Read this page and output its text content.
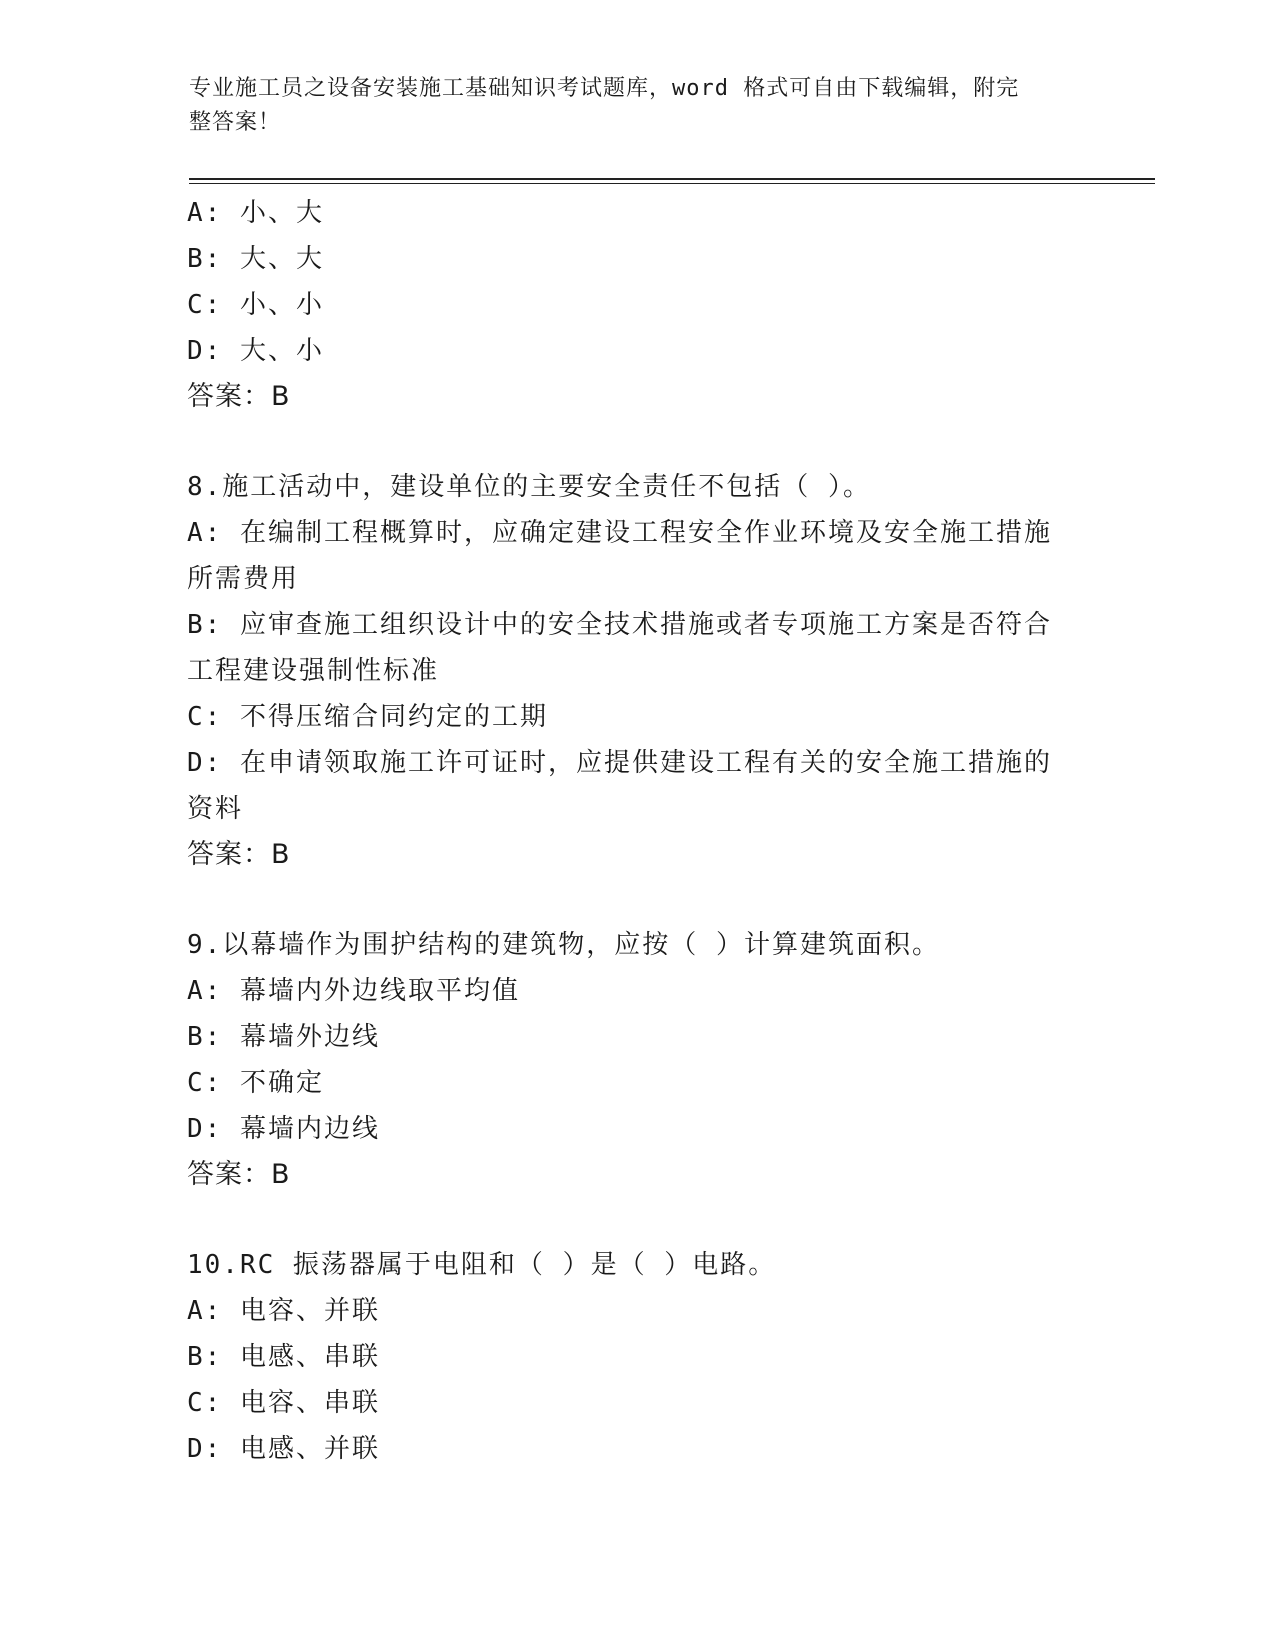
专业施工员之设备安装施工基础知识考试题库，word 格式可自由下载编辑，附完
整答案！
A: 小、大
B: 大、大
C: 小、小
D: 大、小
答案：B
8.施工活动中，建设单位的主要安全责任不包括（ ）。
A: 在编制工程概算时，应确定建设工程安全作业环境及安全施工措施所需费用
B: 应审查施工组织设计中的安全技术措施或者专项施工方案是否符合工程建设强制性标准
C: 不得压缩合同约定的工期
D: 在申请领取施工许可证时，应提供建设工程有关的安全施工措施的资料
答案：B
9.以幕墙作为围护结构的建筑物，应按（ ）计算建筑面积。
A: 幕墙内外边线取平均值
B: 幕墙外边线
C: 不确定
D: 幕墙内边线
答案：B
10.RC 振荡器属于电阻和（ ）是（ ）电路。
A: 电容、并联
B: 电感、串联
C: 电容、串联
D: 电感、并联
